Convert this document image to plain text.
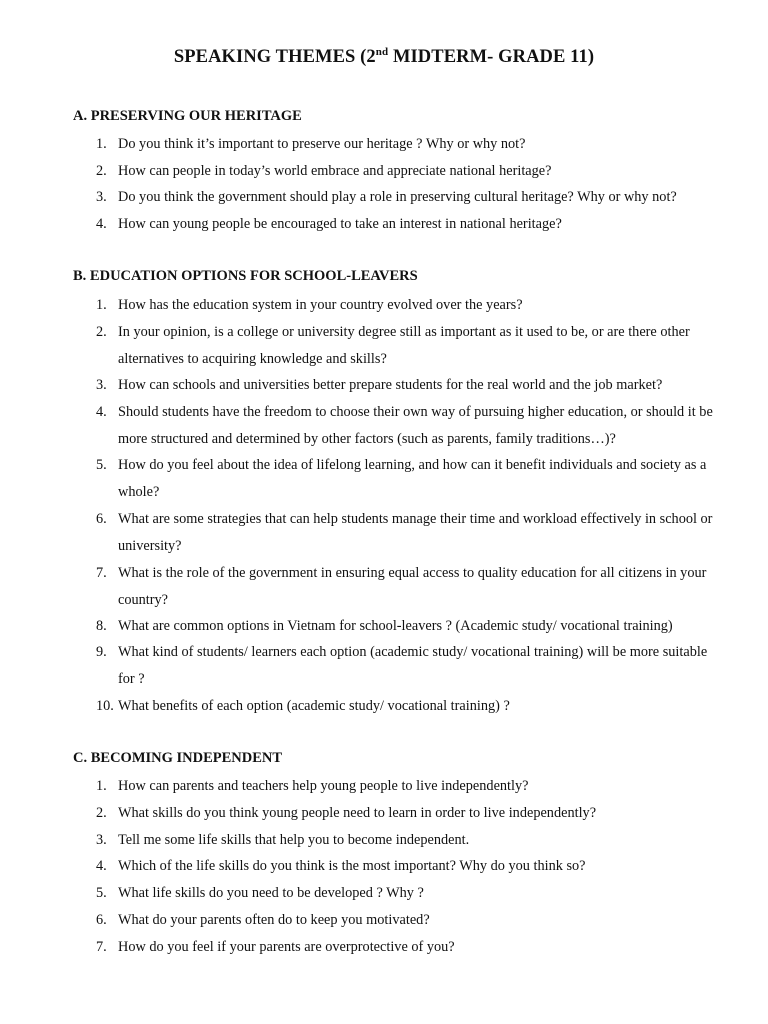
SPEAKING THEMES (2nd MIDTERM- GRADE 11)
A. PRESERVING OUR HERITAGE
1. Do you think it’s important to preserve our heritage ? Why or why not?
2. How can people in today’s world embrace and appreciate national heritage?
3. Do you think the government should play a role in preserving cultural heritage? Why or why not?
4. How can young people be encouraged to take an interest in national heritage?
B. EDUCATION OPTIONS FOR SCHOOL-LEAVERS
1. How has the education system in your country evolved over the years?
2. In your opinion, is a college or university degree still as important as it used to be, or are there other alternatives to acquiring knowledge and skills?
3. How can schools and universities better prepare students for the real world and the job market?
4. Should students have the freedom to choose their own way of pursuing higher education, or should it be more structured and determined by other factors (such as parents, family traditions…)?
5. How do you feel about the idea of lifelong learning, and how can it benefit individuals and society as a whole?
6. What are some strategies that can help students manage their time and workload effectively in school or university?
7. What is the role of the government in ensuring equal access to quality education for all citizens in your country?
8. What are common options in Vietnam for school-leavers ? (Academic study/ vocational training)
9. What kind of students/ learners each option (academic study/ vocational training) will be more suitable for ?
10. What benefits of each option (academic study/ vocational training) ?
C. BECOMING INDEPENDENT
1. How can parents and teachers help young people to live independently?
2. What skills do you think young people need to learn in order to live independently?
3. Tell me some life skills that help you to become independent.
4. Which of the life skills do you think is the most important? Why do you think so?
5. What life skills do you need to be developed ? Why ?
6. What do your parents often do to keep you motivated?
7. How do you feel if your parents are overprotective of you?
